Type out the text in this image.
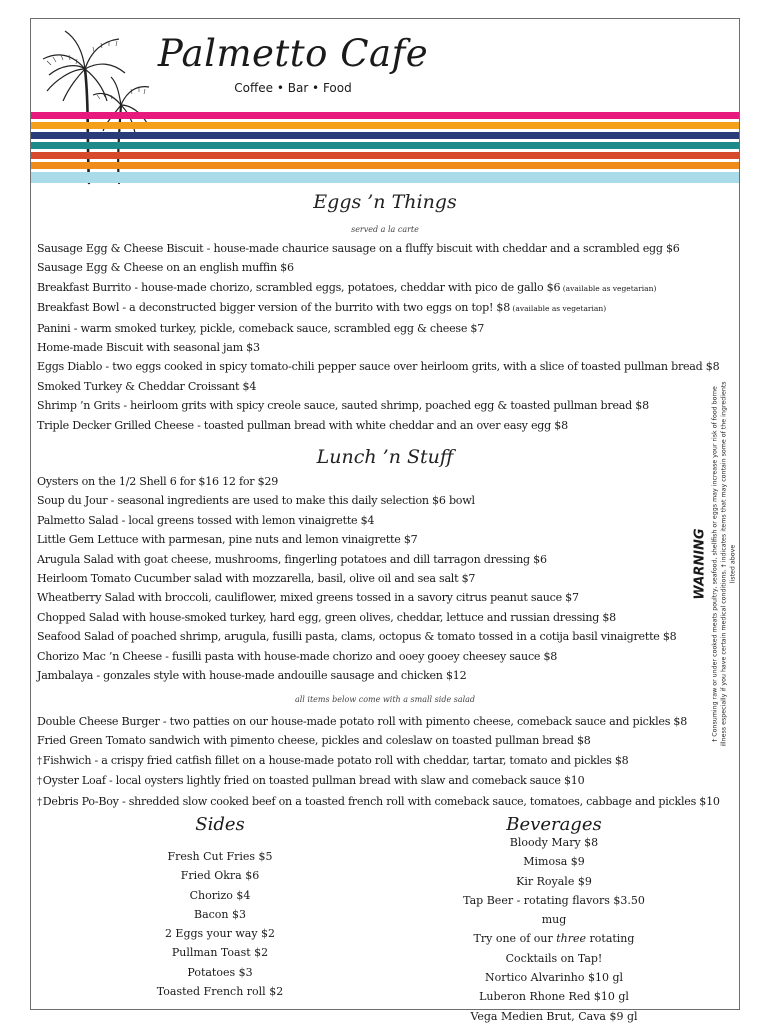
Palmetto Cafe
Coffee • Bar • Food
Eggs ’n Things
served a la carte
Sausage Egg & Cheese Biscuit - house-made chaurice sausage on a fluffy biscuit with cheddar and a scrambled egg $6
Sausage Egg & Cheese on an english muffin $6
Breakfast Burrito - house-made chorizo, scrambled eggs, potatoes, cheddar with pico de gallo $6 (available as vegetarian)
Breakfast Bowl - a deconstructed bigger version of the burrito with two eggs on top! $8 (available as vegetarian)
Panini - warm smoked turkey, pickle, comeback sauce, scrambled egg & cheese $7
Home-made Biscuit with seasonal jam $3
Eggs Diablo - two eggs cooked in spicy tomato-chili pepper sauce over heirloom grits, with a slice of toasted pullman bread $8
Smoked Turkey & Cheddar Croissant $4
Shrimp ’n Grits - heirloom grits with spicy creole sauce, sauted shrimp, poached egg & toasted pullman bread $8
Triple Decker Grilled Cheese - toasted pullman bread with white cheddar and an over easy egg $8
Lunch ’n Stuff
Oysters on the 1/2 Shell 6 for $16 12 for $29
Soup du Jour - seasonal ingredients are used to make this daily selection $6 bowl
Palmetto Salad - local greens tossed with lemon vinaigrette $4
Little Gem Lettuce with parmesan, pine nuts and lemon vinaigrette $7
Arugula Salad with goat cheese, mushrooms, fingerling potatoes and dill tarragon dressing $6
Heirloom Tomato Cucumber salad with mozzarella, basil, olive oil and sea salt $7
Wheatberry Salad with broccoli, cauliflower, mixed greens tossed in a savory citrus peanut sauce $7
Chopped Salad with house-smoked turkey, hard egg, green olives, cheddar, lettuce and russian dressing $8
Seafood Salad of poached shrimp, arugula, fusilli pasta, clams, octopus & tomato tossed in a cotija basil vinaigrette $8
Chorizo Mac ’n Cheese - fusilli pasta with house-made chorizo and ooey gooey cheesey sauce $8
Jambalaya - gonzales style with house-made andouille sausage and chicken $12
all items below come with a small side salad
Double Cheese Burger - two patties on our house-made potato roll with pimento cheese, comeback sauce and pickles $8
Fried Green Tomato sandwich with pimento cheese, pickles and coleslaw on toasted pullman bread $8
†Fishwich - a crispy fried catfish fillet on a house-made potato roll with cheddar, tartar, tomato and pickles $8
†Oyster Loaf - local oysters lightly fried on toasted pullman bread with slaw and comeback sauce $10
†Debris Po-Boy - shredded slow cooked beef on a toasted french roll with comeback sauce, tomatoes, cabbage and pickles $10
Sides
Fresh Cut Fries $5
Fried Okra $6
Chorizo $4
Bacon $3
2 Eggs your way $2
Pullman Toast $2
Potatoes $3
Toasted French roll $2
Beverages
Bloody Mary $8
Mimosa $9
Kir Royale $9
Tap Beer - rotating flavors $3.50 mug
Try one of our three rotating
Cocktails on Tap!
Nortico Alvarinho $10 gl
Luberon Rhone Red $10 gl
Vega Medien Brut, Cava $9 gl
WARNING † Consuming raw or under cooked meats poultry, seafood, shellfish or eggs may increase your risk of food borne illness especially if you have certain medical conditions. † indicates items that may contain some of the ingredients listed above
